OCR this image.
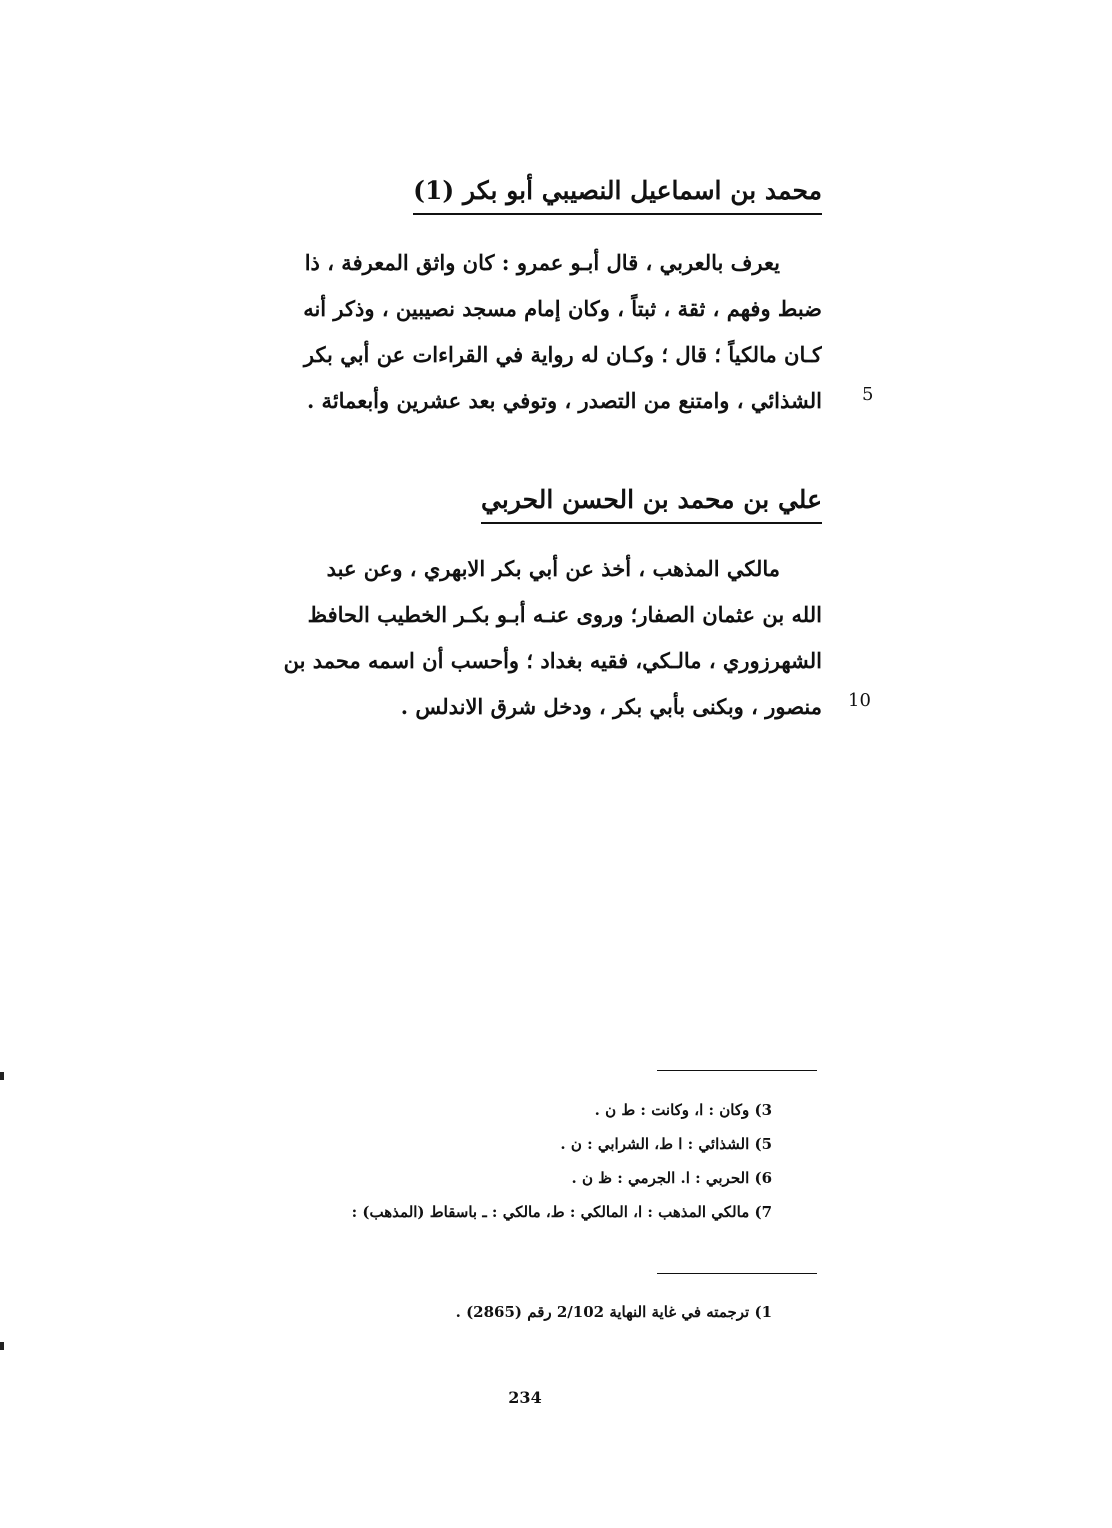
محمد بن اسماعيل النصيبي أبو بكر (1)
يعرف بالعربي ، قال أبـو عمرو : كان واثق المعرفة ، ذا
ضبط وفهم ، ثقة ، ثبتاً ، وكان إمام مسجد نصيبين ، وذكر أنه
كـان مالكياً ؛ قال ؛ وكـان له رواية في القراءات عن أبي بكر
الشذائي ، وامتنع من التصدر ، وتوفي بعد عشرين وأبعمائة . 5
علي بن محمد بن الحسن الحربي
مالكي المذهب ، أخذ عن أبي بكر الابهري ، وعن عبد
الله بن عثمان الصفار؛ وروى عنـه أبـو بكـر الخطيب الحافظ
الشهرزوري ، مالـكي، فقيه بغداد ؛ وأحسب أن اسمه محمد بن
منصور ، وبكنى بأبي بكر ، ودخل شرق الاندلس . 10
3) وكان : ا، وكانت : ط ن .
5) الشذائي : ا ط، الشرابي : ن .
6) الحربي : ا. الجرمي : ظ ن .
7) مالكي المذهب : ا، المالكي : ط، مالكي : ـ باسقاط (المذهب) :
1) ترجمته في غاية النهاية 2/102 رقم (2865) .
234
